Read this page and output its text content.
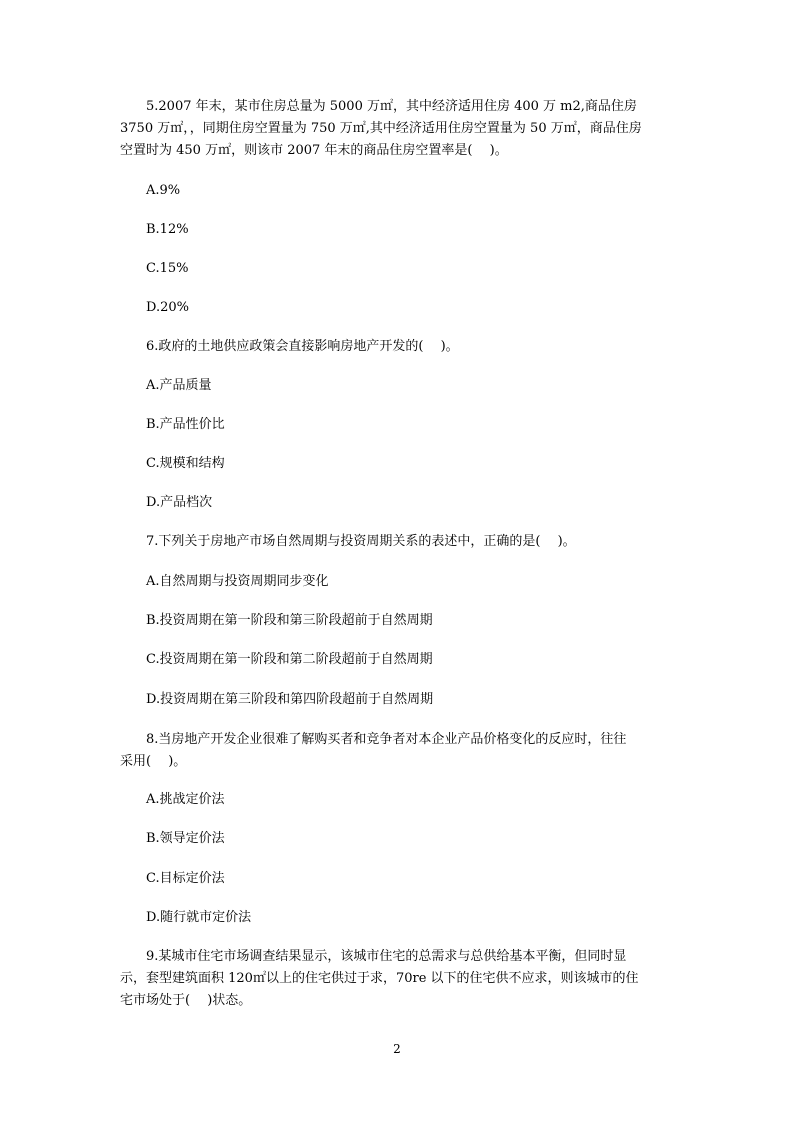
5.2007 年末，某市住房总量为 5000 万㎡，其中经济适用住房 400 万 m2,商品住房
3750 万㎡，，同期住房空置量为 750 万㎡,其中经济适用住房空置量为 50 万㎡，商品住房
空置时为 450 万㎡，则该市 2007 年末的商品住房空置率是(　 )。
A.9%
B.12%
C.15%
D.20%
6.政府的土地供应政策会直接影响房地产开发的(　 )。
A.产品质量
B.产品性价比
C.规模和结构
D.产品档次
7.下列关于房地产市场自然周期与投资周期关系的表述中，正确的是(　 )。
A.自然周期与投资周期同步变化
B.投资周期在第一阶段和第三阶段超前于自然周期
C.投资周期在第一阶段和第二阶段超前于自然周期
D.投资周期在第三阶段和第四阶段超前于自然周期
8.当房地产开发企业很难了解购买者和竞争者对本企业产品价格变化的反应时，往往
采用(　 )。
A.挑战定价法
B.领导定价法
C.目标定价法
D.随行就市定价法
9.某城市住宅市场调查结果显示，该城市住宅的总需求与总供给基本平衡，但同时显
示，套型建筑面积 120㎡以上的住宅供过于求，70re 以下的住宅供不应求，则该城市的住
宅市场处于(　 )状态。
2
